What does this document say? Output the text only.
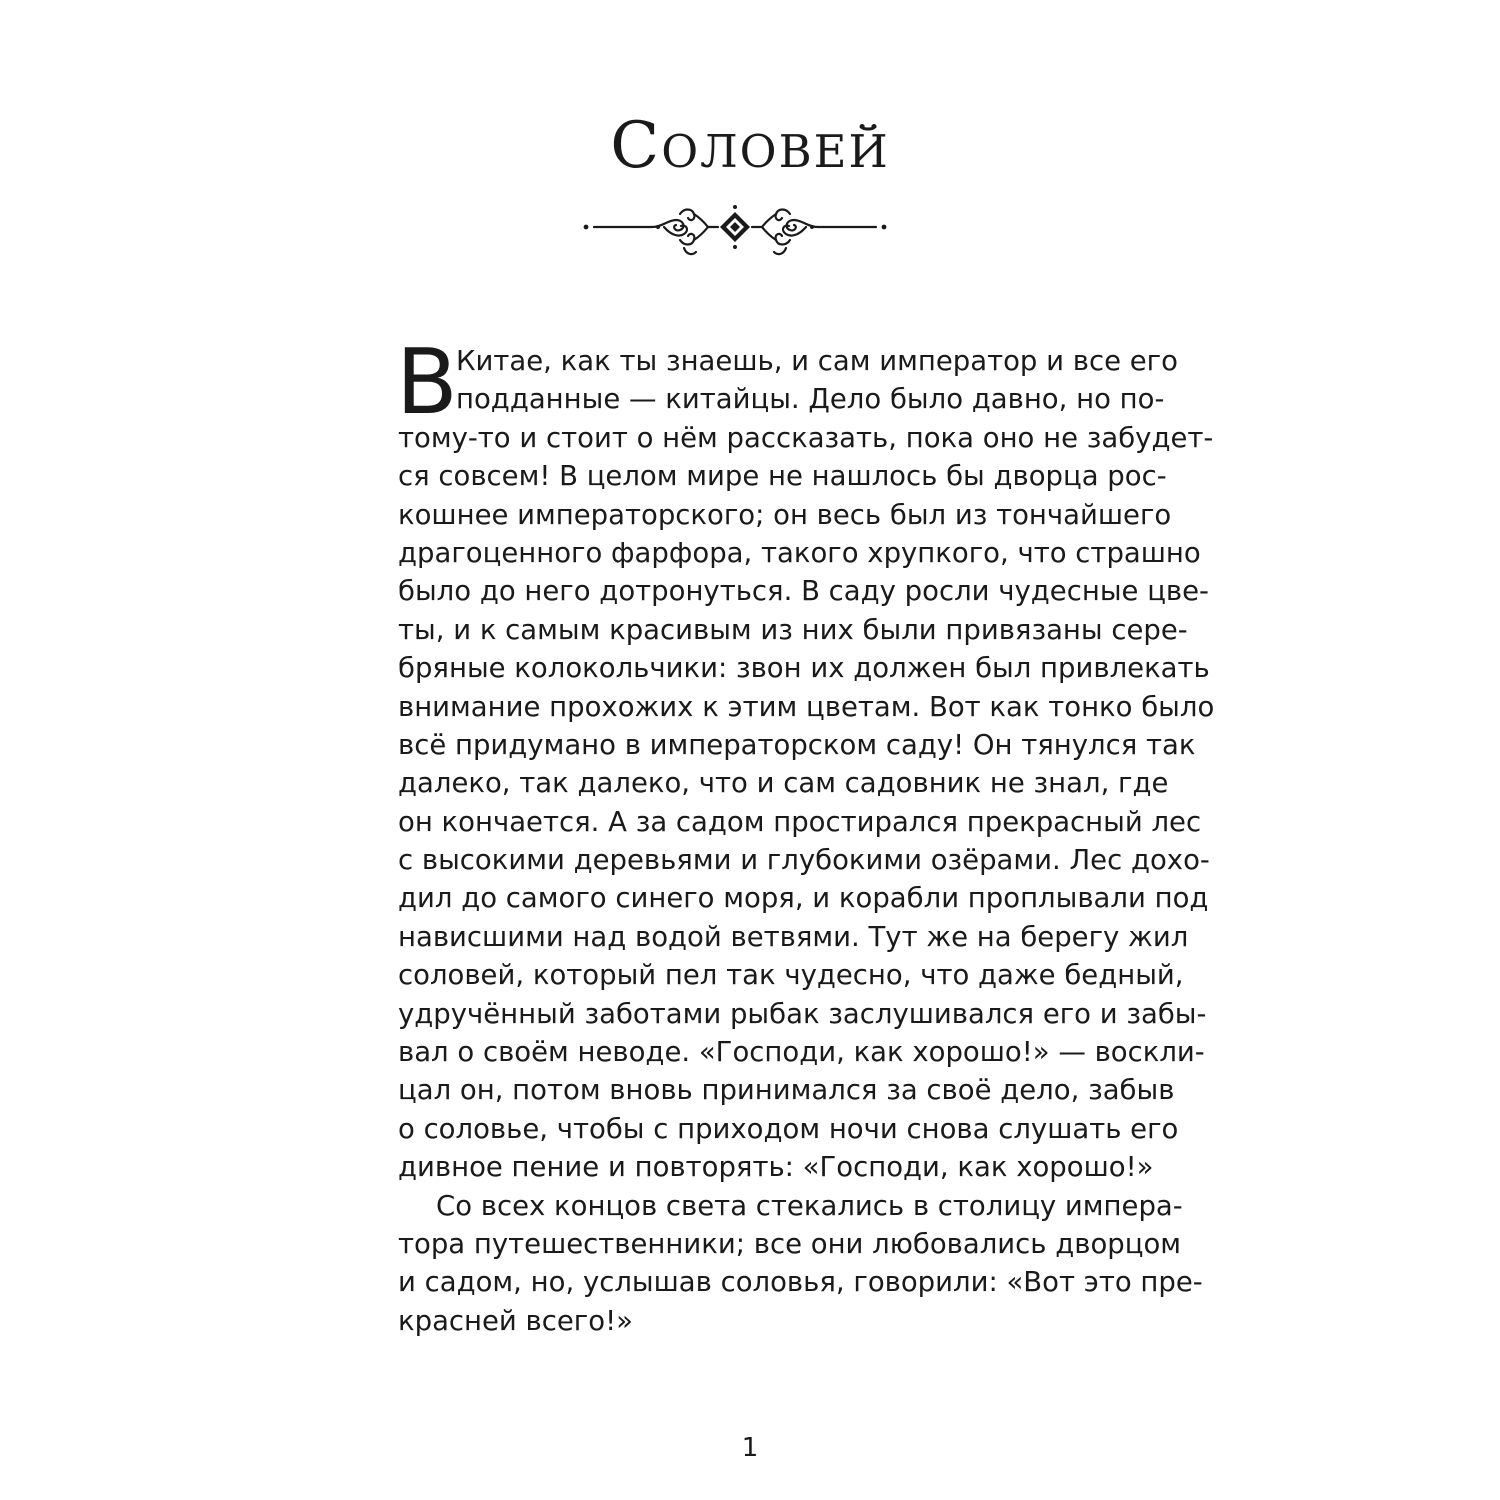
Соловей
В
Китае, как ты знаешь, и сам император и все его
подданные — китайцы. Дело было давно, но по-
тому-то и стоит о нём рассказать, пока оно не забудет-
ся совсем! В целом мире не нашлось бы дворца рос-
кошнее императорского; он весь был из тончайшего
драгоценного фарфора, такого хрупкого, что страшно
было до него дотронуться. В саду росли чудесные цве-
ты, и к самым красивым из них были привязаны сере-
бряные колокольчики: звон их должен был привлекать
внимание прохожих к этим цветам. Вот как тонко было
всё придумано в императорском саду! Он тянулся так
далеко, так далеко, что и сам садовник не знал, где
он кончается. А за садом простирался прекрасный лес
с высокими деревьями и глубокими озёрами. Лес дохо-
дил до самого синего моря, и корабли проплывали под
нависшими над водой ветвями. Тут же на берегу жил
соловей, который пел так чудесно, что даже бедный,
удручённый заботами рыбак заслушивался его и забы-
вал о своём неводе. «Господи, как хорошо!» — воскли-
цал он, потом вновь принимался за своё дело, забыв
о соловье, чтобы с приходом ночи снова слушать его
дивное пение и повторять: «Господи, как хорошо!»
Со всех концов света стекались в столицу импера-
тора путешественники; все они любовались дворцом
и садом, но, услышав соловья, говорили: «Вот это пре-
красней всего!»
1
